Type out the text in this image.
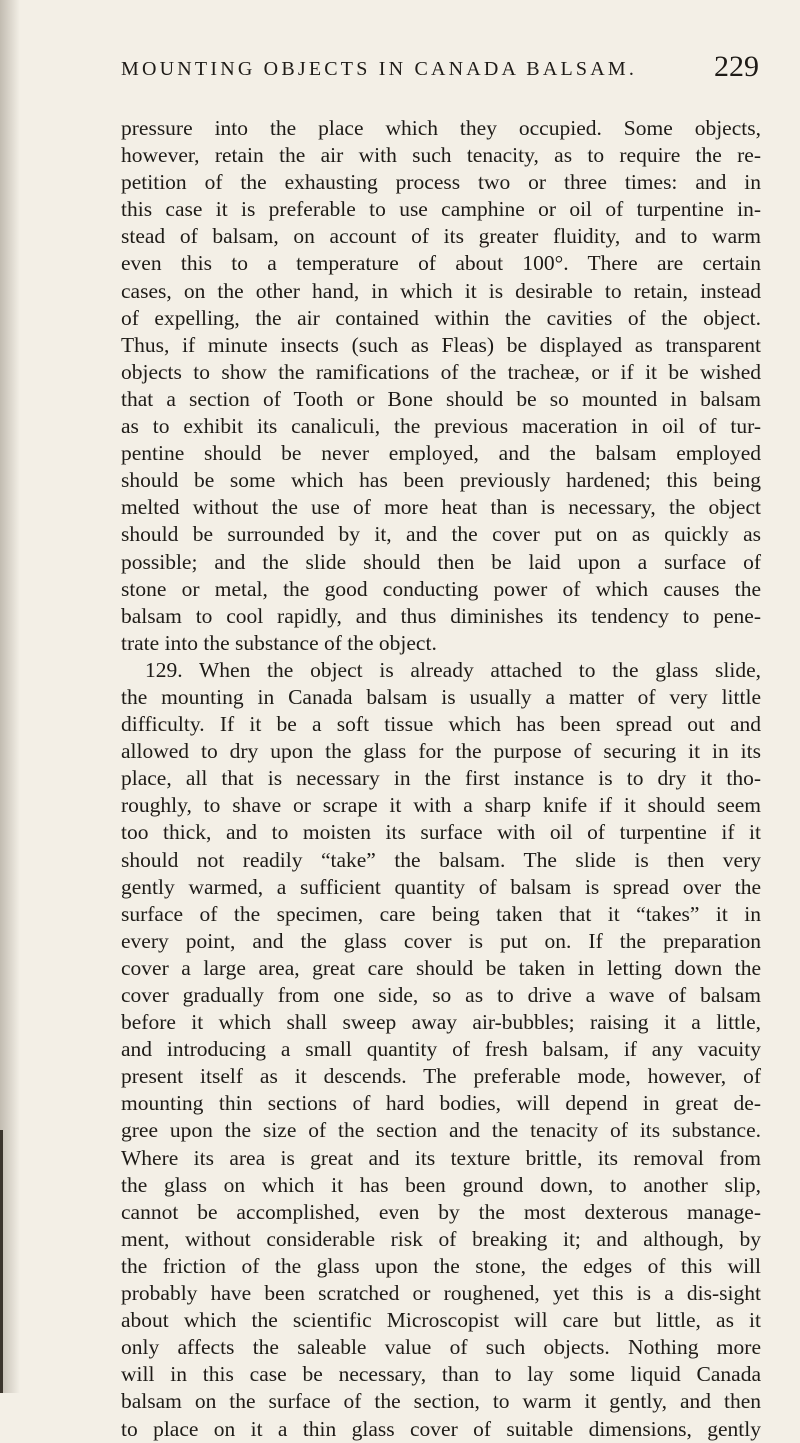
MOUNTING OBJECTS IN CANADA BALSAM.	229
pressure into the place which they occupied. Some objects,
however, retain the air with such tenacity, as to require the re-
petition of the exhausting process two or three times: and in
this case it is preferable to use camphine or oil of turpentine in-
stead of balsam, on account of its greater fluidity, and to warm
even this to a temperature of about 100°. There are certain
cases, on the other hand, in which it is desirable to retain, instead
of expelling, the air contained within the cavities of the object.
Thus, if minute insects (such as Fleas) be displayed as transparent
objects to show the ramifications of the tracheæ, or if it be wished
that a section of Tooth or Bone should be so mounted in balsam
as to exhibit its canaliculi, the previous maceration in oil of tur-
pentine should be never employed, and the balsam employed
should be some which has been previously hardened; this being
melted without the use of more heat than is necessary, the object
should be surrounded by it, and the cover put on as quickly as
possible; and the slide should then be laid upon a surface of
stone or metal, the good conducting power of which causes the
balsam to cool rapidly, and thus diminishes its tendency to pene-
trate into the substance of the object.
129. When the object is already attached to the glass slide,
the mounting in Canada balsam is usually a matter of very little
difficulty. If it be a soft tissue which has been spread out and
allowed to dry upon the glass for the purpose of securing it in its
place, all that is necessary in the first instance is to dry it tho-
roughly, to shave or scrape it with a sharp knife if it should seem
too thick, and to moisten its surface with oil of turpentine if it
should not readily “take” the balsam. The slide is then very
gently warmed, a sufficient quantity of balsam is spread over the
surface of the specimen, care being taken that it “takes” it in
every point, and the glass cover is put on. If the preparation
cover a large area, great care should be taken in letting down the
cover gradually from one side, so as to drive a wave of balsam
before it which shall sweep away air-bubbles; raising it a little,
and introducing a small quantity of fresh balsam, if any vacuity
present itself as it descends. The preferable mode, however, of
mounting thin sections of hard bodies, will depend in great de-
gree upon the size of the section and the tenacity of its substance.
Where its area is great and its texture brittle, its removal from
the glass on which it has been ground down, to another slip,
cannot be accomplished, even by the most dexterous manage-
ment, without considerable risk of breaking it; and although, by
the friction of the glass upon the stone, the edges of this will
probably have been scratched or roughened, yet this is a dis-sight
about which the scientific Microscopist will care but little, as it
only affects the saleable value of such objects. Nothing more
will in this case be necessary, than to lay some liquid Canada
balsam on the surface of the section, to warm it gently, and then
to place on it a thin glass cover of suitable dimensions, gently
